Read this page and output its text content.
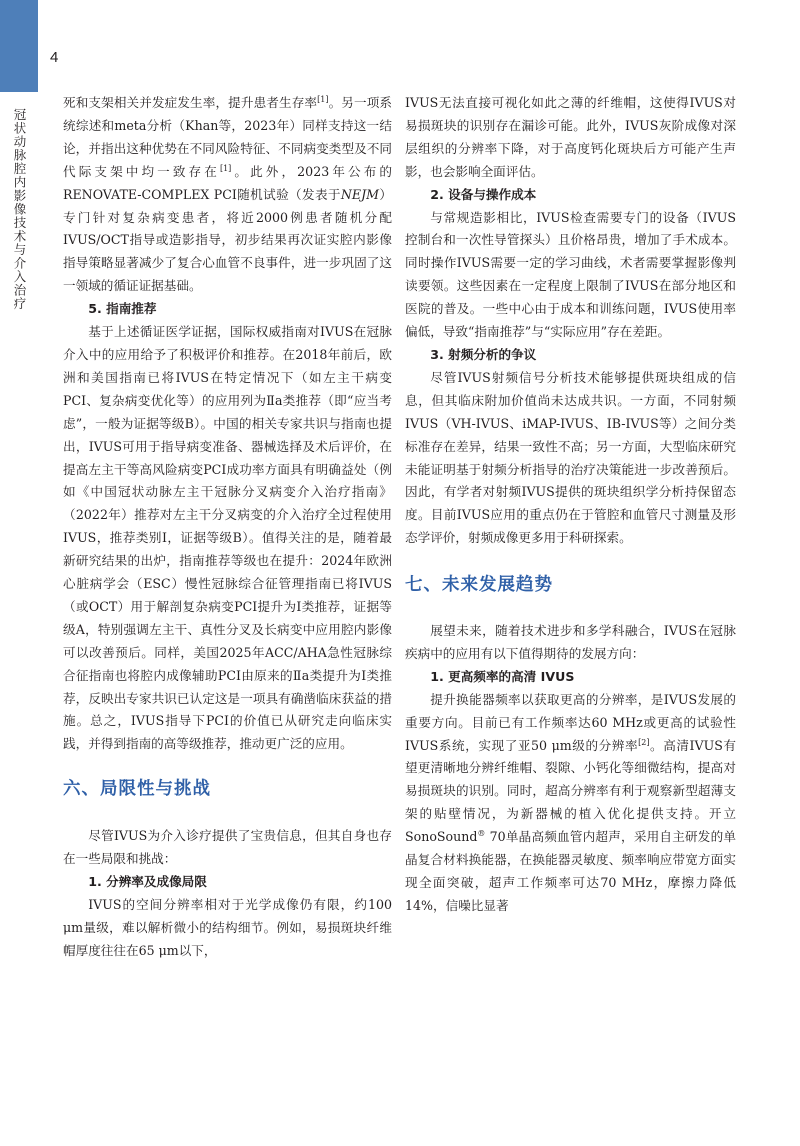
4
冠状动脉腔内影像技术与介入治疗

死和支架相关并发症发生率，提升患者生存率[1]。另一项系统综述和meta分析（Khan等，2023年）同样支持这一结论，并指出这种优势在不同风险特征、不同病变类型及不同代际支架中均一致存在[1]。此外，2023年公布的RENOVATE-COMPLEX PCI随机试验（发表于NEJM）专门针对复杂病变患者，将近2000例患者随机分配IVUS/OCT指导或造影指导，初步结果再次证实腔内影像指导策略显著减少了复合心血管不良事件，进一步巩固了这一领域的循证证据基础。

5. 指南推荐

基于上述循证医学证据，国际权威指南对IVUS在冠脉介入中的应用给予了积极评价和推荐。在2018年前后，欧洲和美国指南已将IVUS在特定情况下（如左主干病变PCI、复杂病变优化等）的应用列为Ⅱa类推荐（即“应当考虑”，一般为证据等级B）。中国的相关专家共识与指南也提出，IVUS可用于指导病变准备、器械选择及术后评价，在提高左主干等高风险病变PCI成功率方面具有明确益处（例如《中国冠状动脉左主干冠脉分叉病变介入治疗指南》（2022年）推荐对左主干分叉病变的介入治疗全过程使用IVUS，推荐类别Ⅰ，证据等级B）。值得关注的是，随着最新研究结果的出炉，指南推荐等级也在提升：2024年欧洲心脏病学会（ESC）慢性冠脉综合征管理指南已将IVUS（或OCT）用于解剖复杂病变PCI提升为Ⅰ类推荐，证据等级A，特别强调左主干、真性分叉及长病变中应用腔内影像可以改善预后。同样，美国2025年ACC/AHA急性冠脉综合征指南也将腔内成像辅助PCI由原来的Ⅱa类提升为Ⅰ类推荐，反映出专家共识已认定这是一项具有确凿临床获益的措施。总之，IVUS指导下PCI的价值已从研究走向临床实践，并得到指南的高等级推荐，推动更广泛的应用。

六、局限性与挑战

尽管IVUS为介入诊疗提供了宝贵信息，但其自身也存在一些局限和挑战：

1. 分辨率及成像局限

IVUS的空间分辨率相对于光学成像仍有限，约100 μm量级，难以解析微小的结构细节。例如，易损斑块纤维帽厚度往往在65 μm以下，

IVUS无法直接可视化如此之薄的纤维帽，这使得IVUS对易损斑块的识别存在漏诊可能。此外，IVUS灰阶成像对深层组织的分辨率下降，对于高度钙化斑块后方可能产生声影，也会影响全面评估。

2. 设备与操作成本

与常规造影相比，IVUS检查需要专门的设备（IVUS控制台和一次性导管探头）且价格昂贵，增加了手术成本。同时操作IVUS需要一定的学习曲线，术者需要掌握影像判读要领。这些因素在一定程度上限制了IVUS在部分地区和医院的普及。一些中心由于成本和训练问题，IVUS使用率偏低，导致“指南推荐”与“实际应用”存在差距。

3. 射频分析的争议

尽管IVUS射频信号分析技术能够提供斑块组成的信息，但其临床附加价值尚未达成共识。一方面，不同射频IVUS（VH-IVUS、iMAP-IVUS、IB-IVUS等）之间分类标准存在差异，结果一致性不高；另一方面，大型临床研究未能证明基于射频分析指导的治疗决策能进一步改善预后。因此，有学者对射频IVUS提供的斑块组织学分析持保留态度。目前IVUS应用的重点仍在于管腔和血管尺寸测量及形态学评价，射频成像更多用于科研探索。

七、未来发展趋势

展望未来，随着技术进步和多学科融合，IVUS在冠脉疾病中的应用有以下值得期待的发展方向：

1. 更高频率的高清 IVUS

提升换能器频率以获取更高的分辨率，是IVUS发展的重要方向。目前已有工作频率达60 MHz或更高的试验性IVUS系统，实现了亚50 μm级的分辨率[2]。高清IVUS有望更清晰地分辨纤维帽、裂隙、小钙化等细微结构，提高对易损斑块的识别。同时，超高分辨率有利于观察新型超薄支架的贴壁情况，为新器械的植入优化提供支持。开立SonoSound® 70单晶高频血管内超声，采用自主研发的单晶复合材料换能器，在换能器灵敏度、频率响应带宽方面实现全面突破，超声工作频率可达70 MHz，摩擦力降低14%，信噪比显著
